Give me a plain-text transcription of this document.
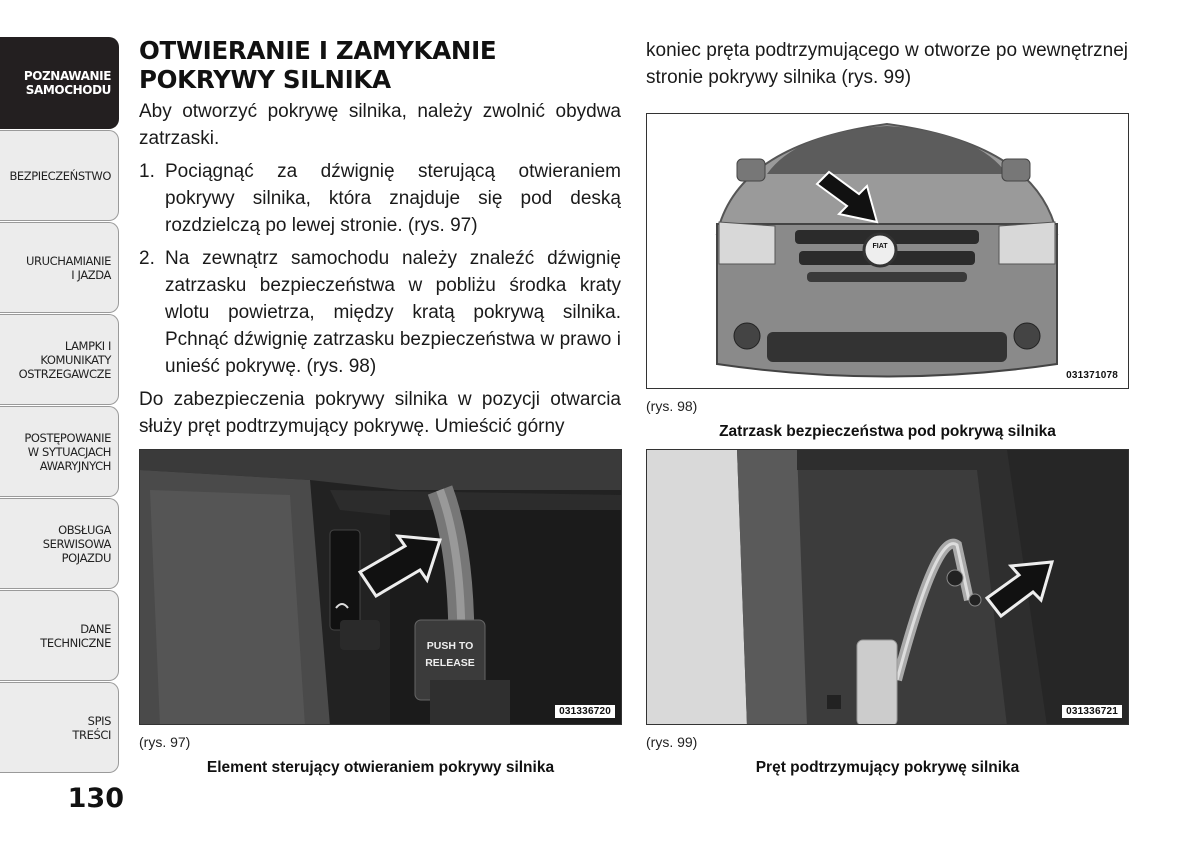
POZNAWANIE
SAMOCHODU
BEZPIECZEŃSTWO
URUCHAMIANIE
I JAZDA
LAMPKI I
KOMUNIKATY
OSTRZEGAWCZE
POSTĘPOWANIE
W SYTUACJACH
AWARYJNYCH
OBSŁUGA
SERWISOWA
POJAZDU
DANE
TECHNICZNE
SPIS
TREŚCI
130
OTWIERANIE I ZAMYKANIE
POKRYWY SILNIKA
Aby otworzyć pokrywę silnika, należy zwolnić obydwa zatrzaski.
1. Pociągnąć za dźwignię sterującą otwieraniem pokrywy silnika, która znajduje się pod deską rozdzielczą po lewej stronie. (rys. 97)
2. Na zewnątrz samochodu należy znaleźć dźwignię zatrzasku bezpieczeństwa w pobliżu środka kraty wlotu powietrza, między kratą pokrywą silnika. Pchnąć dźwignię zatrzasku bezpieczeństwa w prawo i unieść pokrywę. (rys. 98)
Do zabezpieczenia pokrywy silnika w pozycji otwarcia służy pręt podtrzymujący pokrywę. Umieścić górny
koniec pręta podtrzymującego w otworze po wewnętrznej stronie pokrywy silnika (rys. 99)
PUSH TO
RELEASE
031336720
(rys. 97)
Element sterujący otwieraniem pokrywy silnika
FIAT
031371078
(rys. 98)
Zatrzask bezpieczeństwa pod pokrywą silnika
031336721
(rys. 99)
Pręt podtrzymujący pokrywę silnika
